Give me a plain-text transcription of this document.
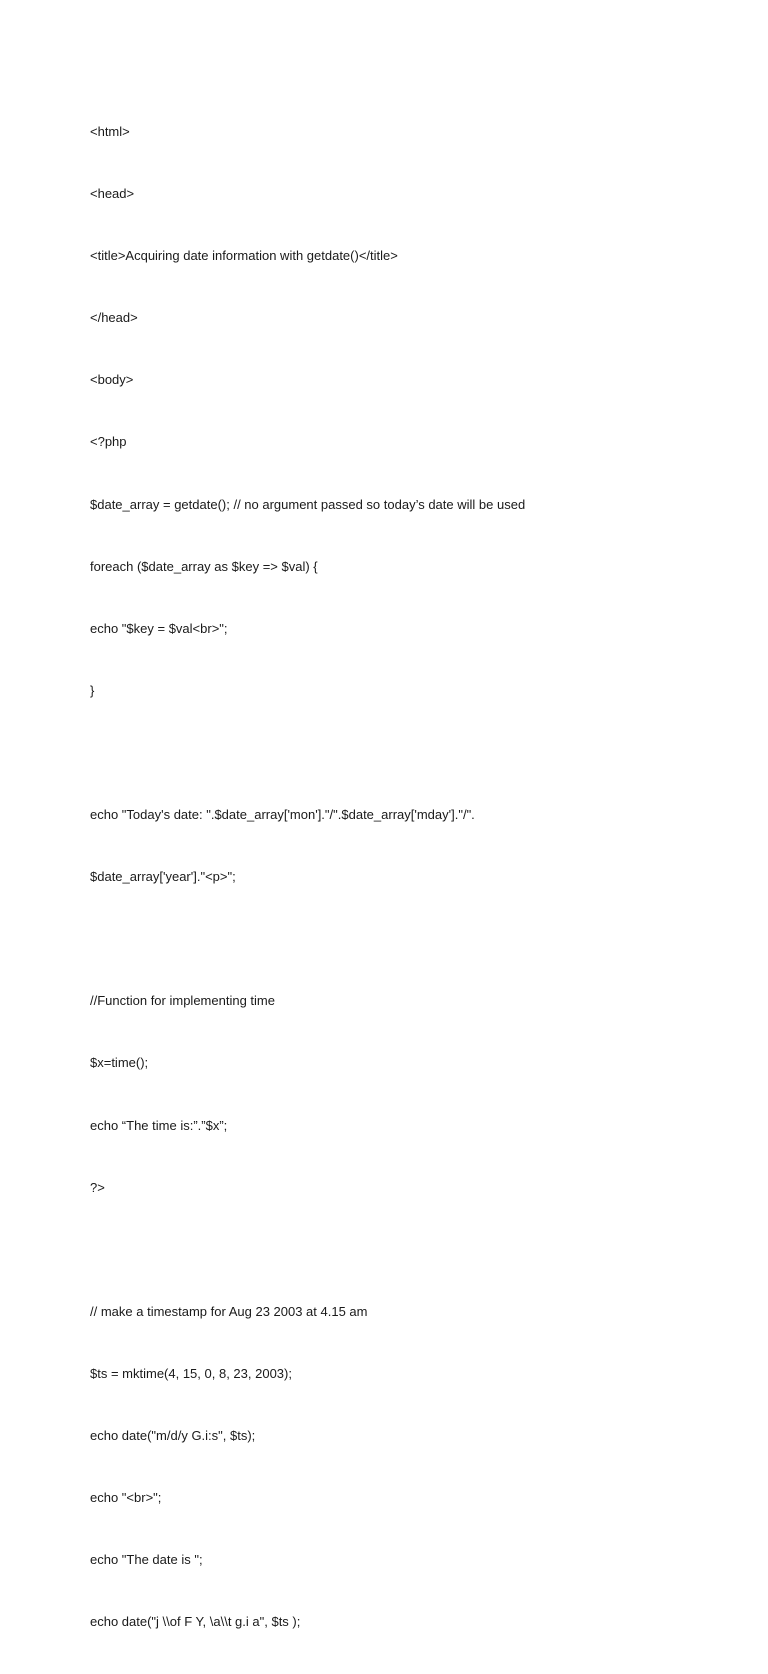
<html>

<head>

<title>Acquiring date information with getdate()</title>

</head>

<body>

<?php

$date_array = getdate(); // no argument passed so today’s date will be used

foreach ($date_array as $key => $val) {

echo "$key = $val<br>";

}

echo "Today's date: ".$date_array['mon']."/".$date_array['mday']."/".

$date_array['year']."<p>";

//Function for implementing time

$x=time();

echo “The time is:”.”$x”;

?>

// make a timestamp for Aug 23 2003 at 4.15 am

$ts = mktime(4, 15, 0, 8, 23, 2003);

echo date("m/d/y G.i:s", $ts);

echo "<br>";

echo "The date is ";

echo date("j \\of F Y, \a\\t g.i a", $ts );
